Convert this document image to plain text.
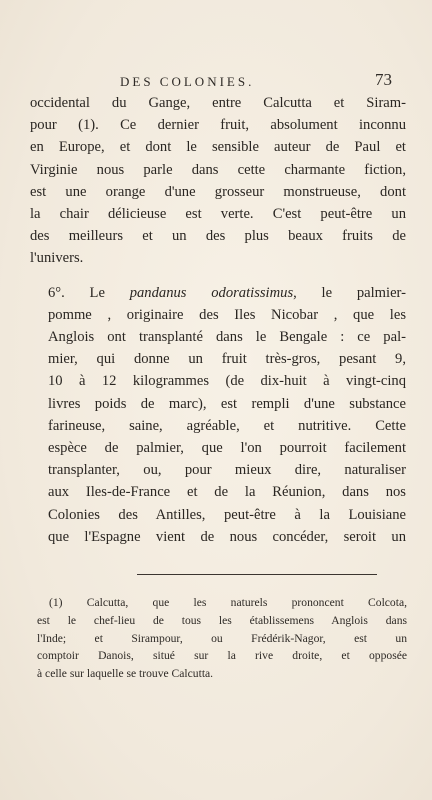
DES COLONIES.	73

occidental du Gange, entre Calcutta et Siram-
pour (1). Ce dernier fruit, absolument inconnu
en Europe, et dont le sensible auteur de Paul et
Virginie nous parle dans cette charmante fiction,
est une orange d'une grosseur monstrueuse, dont
la chair délicieuse est verte. C'est peut-être un
des meilleurs et un des plus beaux fruits de
l'univers.

6°. Le pandanus odoratissimus, le palmier-
pomme , originaire des Iles Nicobar , que les
Anglois ont transplanté dans le Bengale : ce pal-
mier, qui donne un fruit très-gros, pesant 9,
10 à 12 kilogrammes (de dix-huit à vingt-cinq
livres poids de marc), est rempli d'une substance
farineuse, saine, agréable, et nutritive. Cette
espèce de palmier, que l'on pourroit facilement
transplanter, ou, pour mieux dire, naturaliser
aux Iles-de-France et de la Réunion, dans nos
Colonies des Antilles, peut-être à la Louisiane
que l'Espagne vient de nous concéder, seroit un

(1) Calcutta, que les naturels prononcent Colcota,
est le chef-lieu de tous les établissemens Anglois dans
l'Inde; et Sirampour, ou Frédérik-Nagor, est un
comptoir Danois, situé sur la rive droite, et opposée
à celle sur laquelle se trouve Calcutta.
